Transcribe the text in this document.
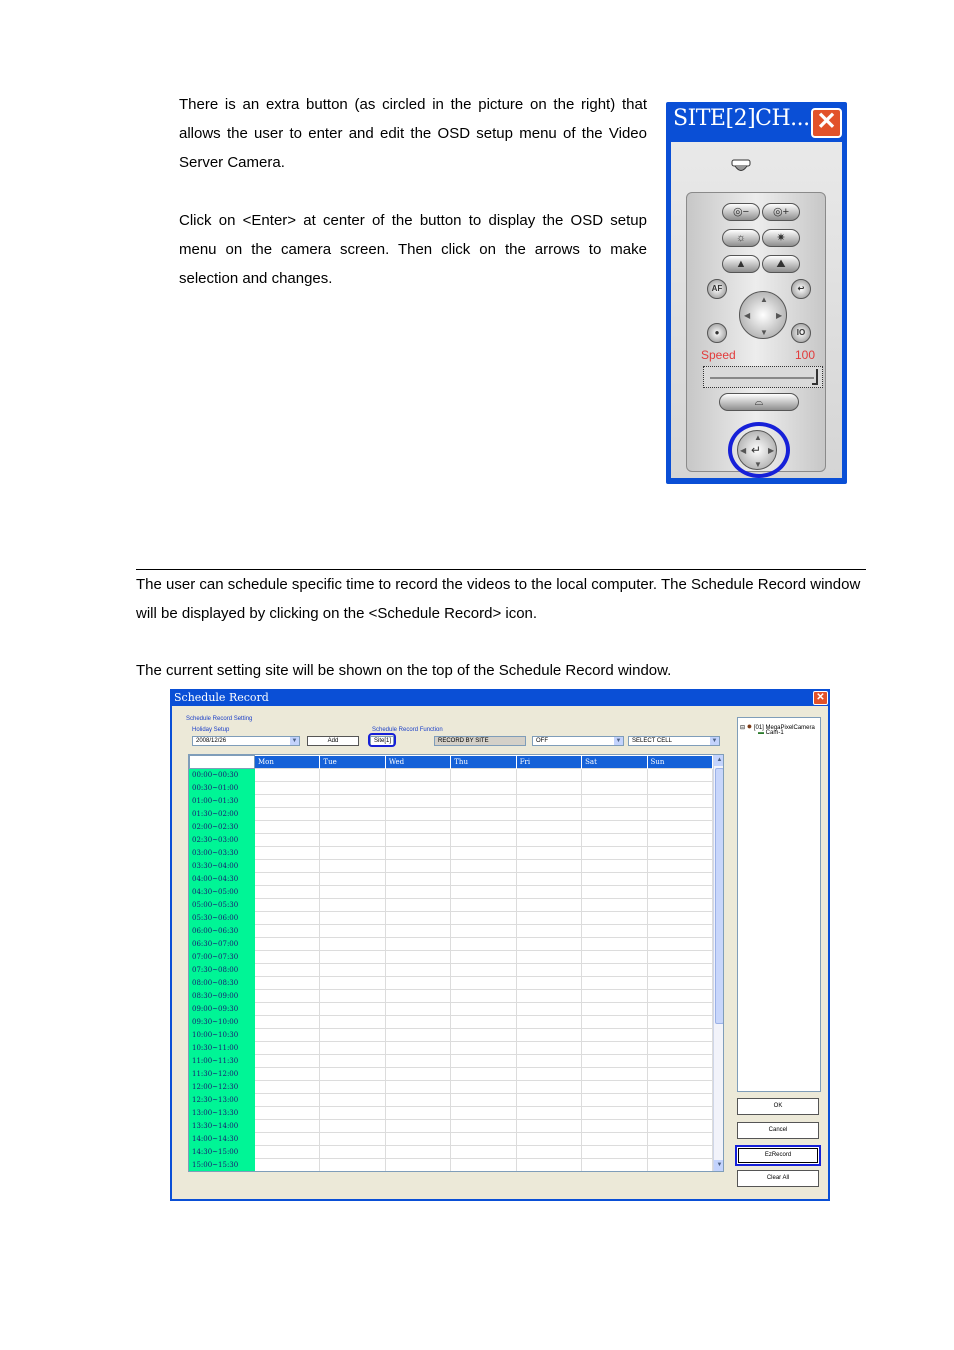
There is an extra button (as circled in the picture on the right) that allows the user to enter and edit the OSD setup menu of the Video Server Camera.

Click on <Enter> at center of the button to display the OSD setup menu on the camera screen. Then click on the arrows to make selection and changes.

The user can schedule specific time to record the videos to the local computer. The Schedule Record window will be displayed by clicking on the <Schedule Record> icon.

The current setting site will be shown on the top of the Schedule Record window.

SITE[2]CH... ✕
◎−	◎+
☼	✷
▲	⛰
AF	↩
▲
▼
◀	▶
●	IO
⌓
Speed	100
▲
▼
◀	▶
↵
Schedule Record	✕
Schedule Record Setting
Holiday Setup
2008/12/26	▼	Add
Schedule Record Function
Site[1]	RECORD BY SITE	OFF	▼	SELECT CELL	▼
	Mon	Tue	Wed	Thu	Fri	Sat	Sun
00:00~00:30							
00:30~01:00							
01:00~01:30							
01:30~02:00							
02:00~02:30							
02:30~03:00							
03:00~03:30							
03:30~04:00							
04:00~04:30							
04:30~05:00							
05:00~05:30							
05:30~06:00							
06:00~06:30							
06:30~07:00							
07:00~07:30							
07:30~08:00							
08:00~08:30							
08:30~09:00							
09:00~09:30							
09:30~10:00							
10:00~10:30							
10:30~11:00							
11:00~11:30							
11:30~12:00							
12:00~12:30							
12:30~13:00							
13:00~13:30							
13:30~14:00							
14:00~14:30							
14:30~15:00							
15:00~15:30							
▲
▼
⊟ ● [01] MegaPixelCamera
▬ Cam-1
OK
Cancel
EzRecord
Clear All
